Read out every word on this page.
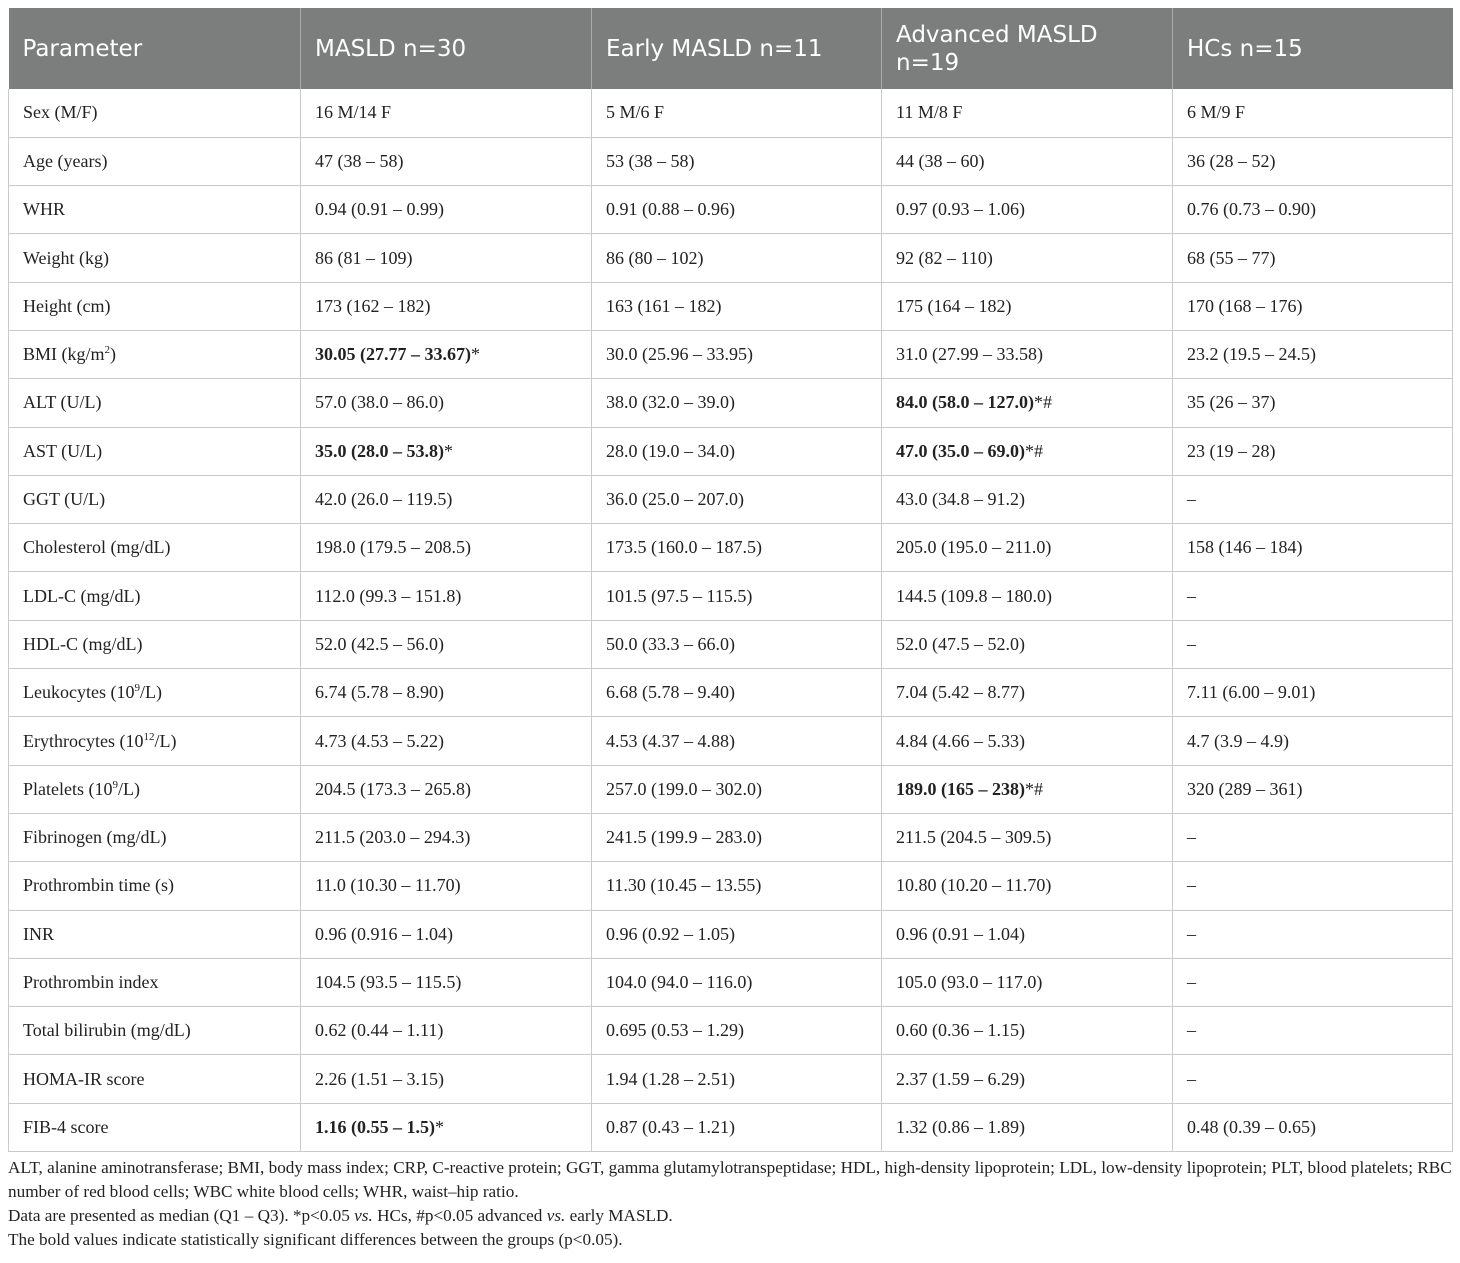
Parameter	MASLD n=30	Early MASLD n=11	Advanced MASLD n=19	HCs n=15
Sex (M/F)	16 M/14 F	5 M/6 F	11 M/8 F	6 M/9 F
Age (years)	47 (38 – 58)	53 (38 – 58)	44 (38 – 60)	36 (28 – 52)
WHR	0.94 (0.91 – 0.99)	0.91 (0.88 – 0.96)	0.97 (0.93 – 1.06)	0.76 (0.73 – 0.90)
Weight (kg)	86 (81 – 109)	86 (80 – 102)	92 (82 – 110)	68 (55 – 77)
Height (cm)	173 (162 – 182)	163 (161 – 182)	175 (164 – 182)	170 (168 – 176)
BMI $(kg/m^2)$	30.05 (27.77 – 33.67)*	30.0 (25.96 – 33.95)	31.0 (27.99 – 33.58)	23.2 (19.5 – 24.5)
ALT (U/L)	57.0 (38.0 – 86.0)	38.0 (32.0 – 39.0)	84.0 (58.0 – 127.0)*#	35 (26 – 37)
AST (U/L)	35.0 (28.0 – 53.8)*	28.0 (19.0 – 34.0)	47.0 (35.0 – 69.0)*#	23 (19 – 28)
GGT (U/L)	42.0 (26.0 – 119.5)	36.0 (25.0 – 207.0)	43.0 (34.8 – 91.2)	–
Cholesterol (mg/dL)	198.0 (179.5 – 208.5)	173.5 (160.0 – 187.5)	205.0 (195.0 – 211.0)	158 (146 – 184)
LDL-C (mg/dL)	112.0 (99.3 – 151.8)	101.5 (97.5 – 115.5)	144.5 (109.8 – 180.0)	–
HDL-C (mg/dL)	52.0 (42.5 – 56.0)	50.0 (33.3 – 66.0)	52.0 (47.5 – 52.0)	–
Leukocytes $(10^9/L)$	6.74 (5.78 – 8.90)	6.68 (5.78 – 9.40)	7.04 (5.42 – 8.77)	7.11 (6.00 – 9.01)
Erythrocytes $(10^{12}/L)$	4.73 (4.53 – 5.22)	4.53 (4.37 – 4.88)	4.84 (4.66 – 5.33)	4.7 (3.9 – 4.9)
Platelets $(10^9/L)$	204.5 (173.3 – 265.8)	257.0 (199.0 – 302.0)	189.0 (165 – 238)*#	320 (289 – 361)
Fibrinogen (mg/dL)	211.5 (203.0 – 294.3)	241.5 (199.9 – 283.0)	211.5 (204.5 – 309.5)	–
Prothrombin time (s)	11.0 (10.30 – 11.70)	11.30 (10.45 – 13.55)	10.80 (10.20 – 11.70)	–
INR	0.96 (0.916 – 1.04)	0.96 (0.92 – 1.05)	0.96 (0.91 – 1.04)	–
Prothrombin index	104.5 (93.5 – 115.5)	104.0 (94.0 – 116.0)	105.0 (93.0 – 117.0)	–
Total bilirubin (mg/dL)	0.62 (0.44 – 1.11)	0.695 (0.53 – 1.29)	0.60 (0.36 – 1.15)	–
HOMA-IR score	2.26 (1.51 – 3.15)	1.94 (1.28 – 2.51)	2.37 (1.59 – 6.29)	–
FIB-4 score	1.16 (0.55 – 1.5)*	0.87 (0.43 – 1.21)	1.32 (0.86 – 1.89)	0.48 (0.39 – 0.65)

ALT, alanine aminotransferase; BMI, body mass index; CRP, C-reactive protein; GGT, gamma glutamylotranspeptidase; HDL, high-density lipoprotein; LDL, low-density lipoprotein; PLT, blood platelets; RBC number of red blood cells; WBC white blood cells; WHR, waist–hip ratio.

Data are presented as median (Q1 – Q3). *p<0.05 vs. HCs, #p<0.05 advanced vs. early MASLD.

The bold values indicate statistically significant differences between the groups (p<0.05).
